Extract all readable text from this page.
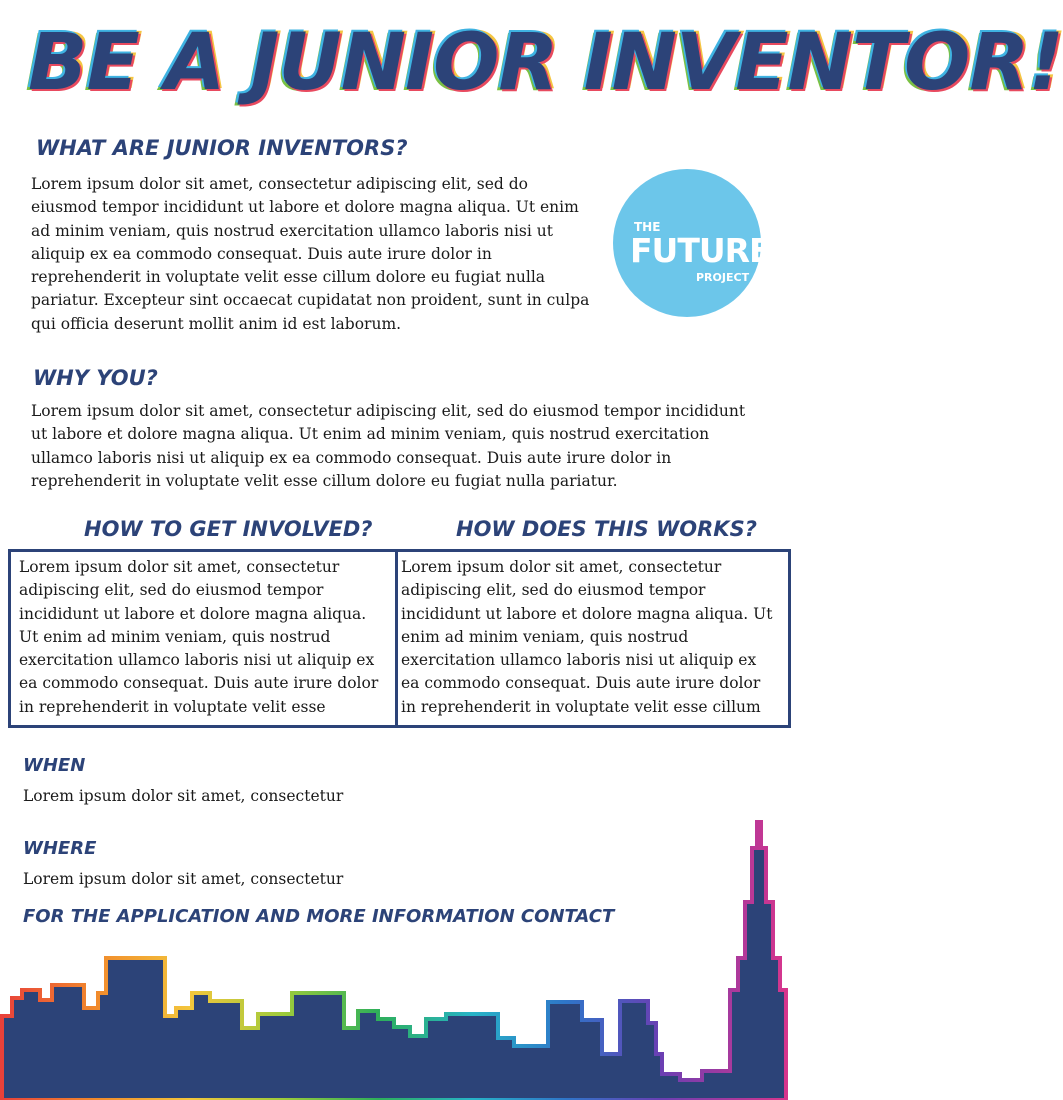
BE A JUNIOR INVENTOR!
WHAT ARE JUNIOR INVENTORS?

Lorem ipsum dolor sit amet, consectetur adipiscing elit, sed do eiusmod tempor incididunt ut labore et dolore magna aliqua. Ut enim ad minim veniam, quis nostrud exercitation ullamco laboris nisi ut aliquip ex ea commodo consequat. Duis aute irure dolor in reprehenderit in voluptate velit esse cillum dolore eu fugiat nulla pariatur. Excepteur sint occaecat cupidatat non proident, sunt in culpa qui officia deserunt mollit anim id est laborum.

THE
FUTURE
PROJECT
WHY YOU?

Lorem ipsum dolor sit amet, consectetur adipiscing elit, sed do eiusmod tempor incididunt ut labore et dolore magna aliqua. Ut enim ad minim veniam, quis nostrud exercitation ullamco laboris nisi ut aliquip ex ea commodo consequat. Duis aute irure dolor in reprehenderit in voluptate velit esse cillum dolore eu fugiat nulla pariatur.

HOW TO GET INVOLVED?	HOW DOES THIS WORKS?

Lorem ipsum dolor sit amet, consectetur adipiscing elit, sed do eiusmod tempor incididunt ut labore et dolore magna aliqua. Ut enim ad minim veniam, quis nostrud exercitation ullamco laboris nisi ut aliquip ex ea commodo consequat. Duis aute irure dolor in reprehenderit in voluptate velit esse

Lorem ipsum dolor sit amet, consectetur adipiscing elit, sed do eiusmod tempor incididunt ut labore et dolore magna aliqua. Ut enim ad minim veniam, quis nostrud exercitation ullamco laboris nisi ut aliquip ex ea commodo consequat. Duis aute irure dolor in reprehenderit in voluptate velit esse cillum

WHEN

Lorem ipsum dolor sit amet, consectetur

WHERE

Lorem ipsum dolor sit amet, consectetur

FOR THE APPLICATION AND MORE INFORMATION CONTACT
